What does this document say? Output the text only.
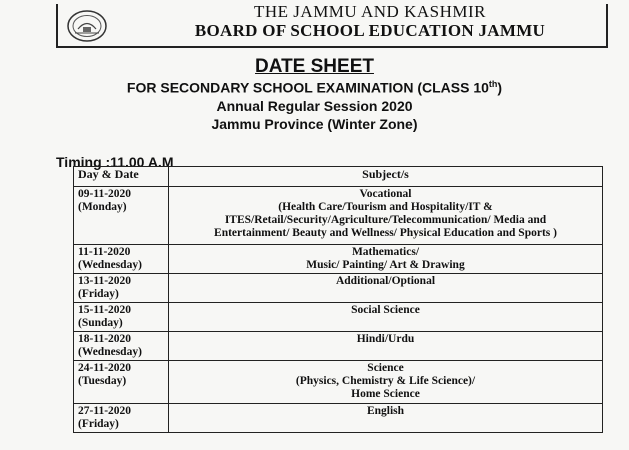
THE JAMMU AND KASHMIR
BOARD OF SCHOOL EDUCATION JAMMU
DATE SHEET
FOR SECONDARY SCHOOL EXAMINATION (CLASS 10th)
Annual Regular Session 2020
Jammu Province (Winter Zone)
Timing :11.00 A.M
Day & Date	Subject/s

09-11-2020
(Monday)	Vocational
(Health Care/Tourism and Hospitality/IT &
ITES/Retail/Security/Agriculture/Telecommunication/ Media and
Entertainment/ Beauty and Wellness/ Physical Education and Sports )

11-11-2020
(Wednesday)	Mathematics/
Music/ Painting/ Art & Drawing

13-11-2020
(Friday)	Additional/Optional

15-11-2020
(Sunday)	Social Science

18-11-2020
(Wednesday)	Hindi/Urdu

24-11-2020
(Tuesday)	Science
(Physics, Chemistry & Life Science)/
Home Science

27-11-2020
(Friday)	English
